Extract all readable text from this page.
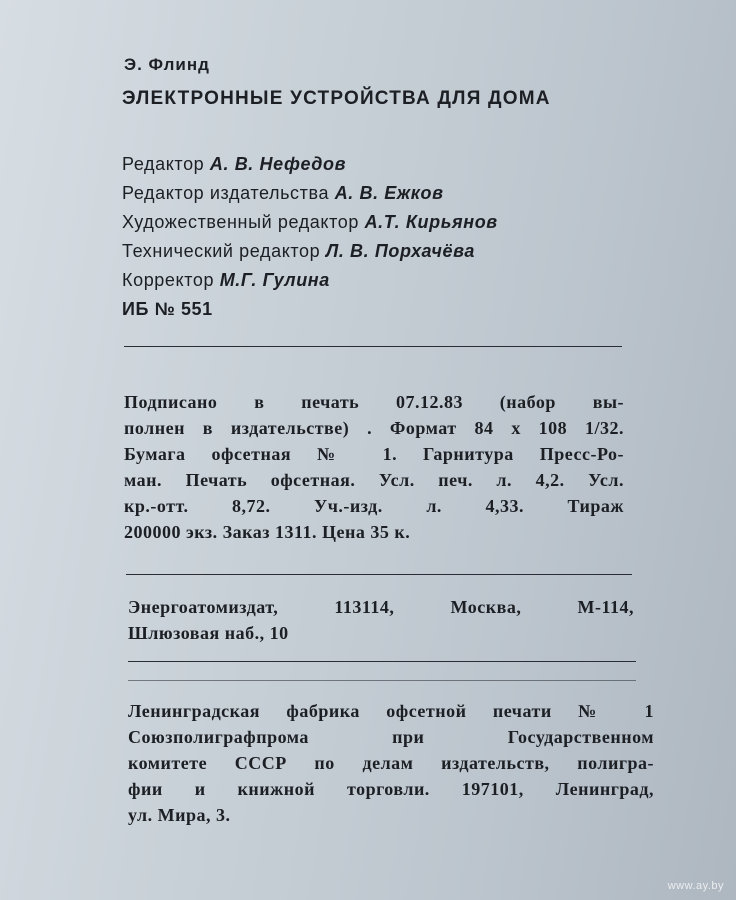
Э. Флинд
ЭЛЕКТРОННЫЕ УСТРОЙСТВА ДЛЯ ДОМА
Редактор А. В. Нефедов
Редактор издательства А. В. Ежков
Художественный редактор А.Т. Кирьянов
Технический редактор Л. В. Порхачёва
Корректор М.Г. Гулина
ИБ № 551
Подписано в печать 07.12.83 (набор вы-
полнен в издательстве) . Формат 84 x 108 1/32.
Бумага офсетная № 1. Гарнитура Пресс-Ро-
ман. Печать офсетная. Усл. печ. л. 4,2. Усл.
кр.-отт. 8,72. Уч.-изд. л. 4,33. Тираж
200000 экз. Заказ 1311. Цена 35 к.
Энергоатомиздат, 113114, Москва, М-114,
Шлюзовая наб., 10
Ленинградская фабрика офсетной печати № 1
Союзполиграфпрома при Государственном
комитете СССР по делам издательств, полигра-
фии и книжной торговли. 197101, Ленинград,
ул. Мира, 3.
www.ay.by
